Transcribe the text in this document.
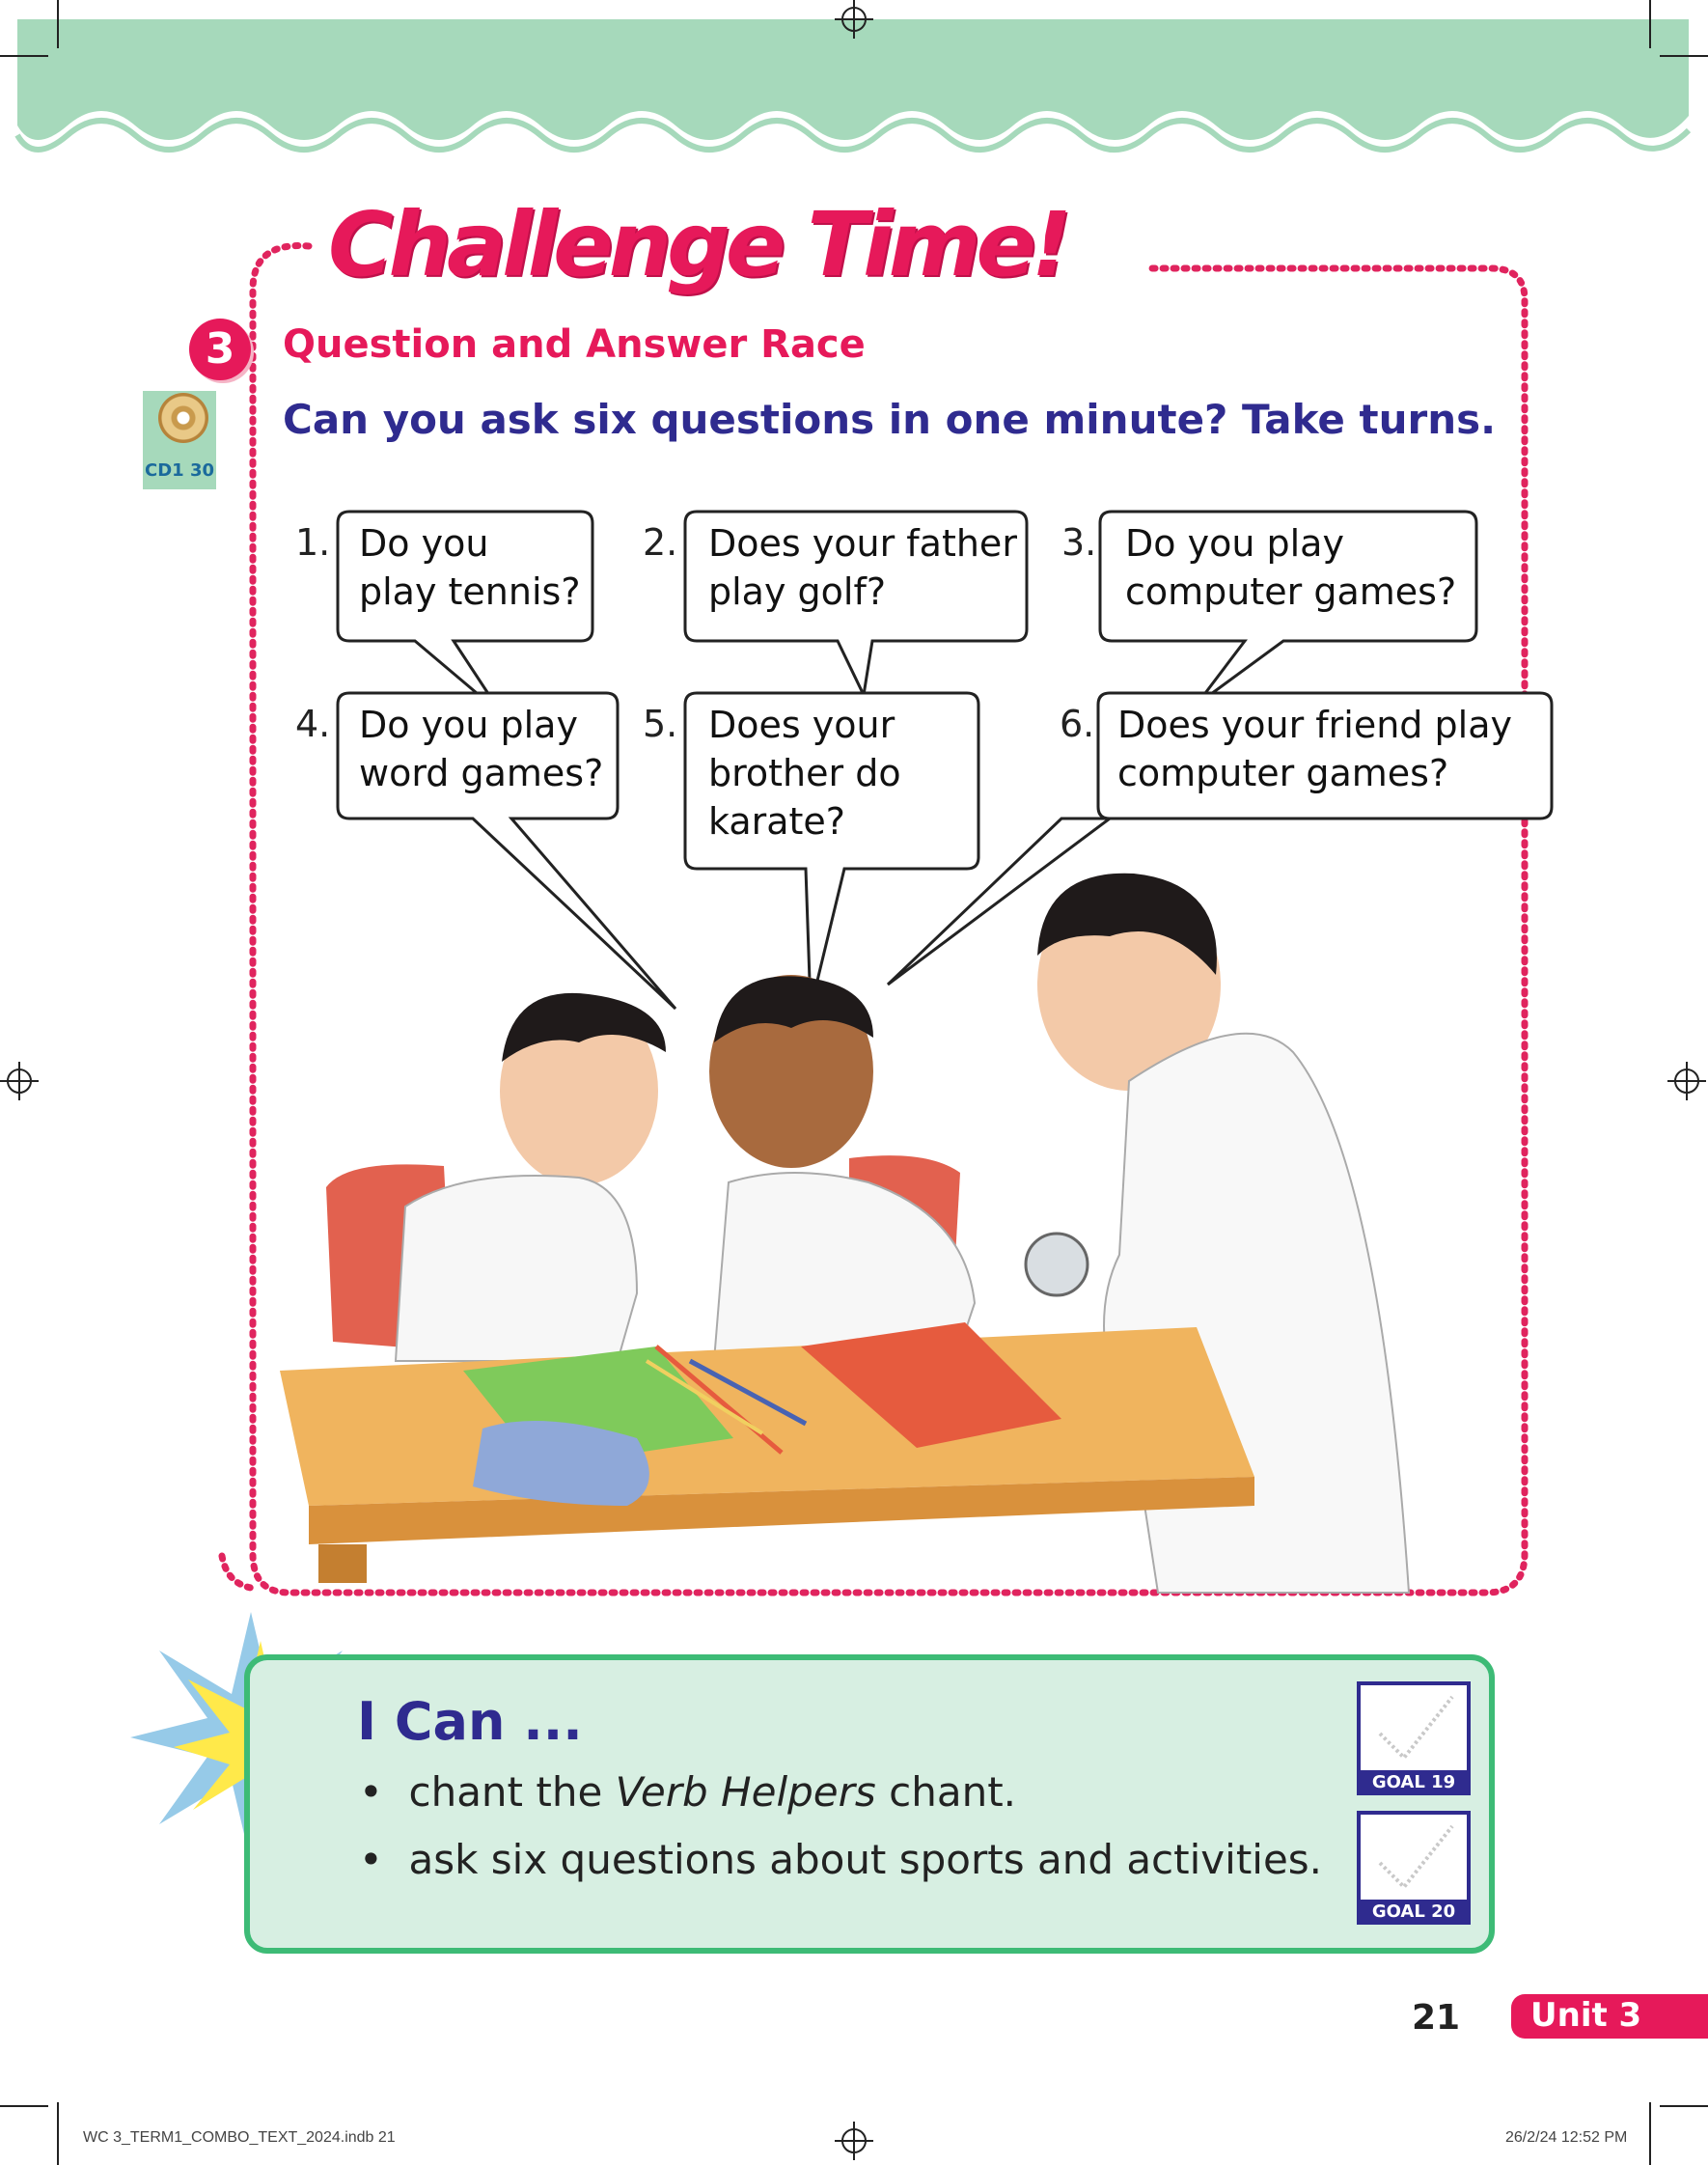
Challenge Time!
3	Question and Answer Race
CD1 30
Can you ask six questions in one minute? Take turns.
1.	2.	3.
4.	5.	6.
Do you
play tennis?
Does your father
play golf?
Do you play
computer games?
Do you play
word games?
Does your
brother do
karate?
Does your friend play
computer games?
I Can ...
•  chant the Verb Helpers chant.
•  ask six questions about sports and activities.
GOAL 19
GOAL 20
21 Unit 3
WC 3_TERM1_COMBO_TEXT_2024.indb 21	26/2/24 12:52 PM
